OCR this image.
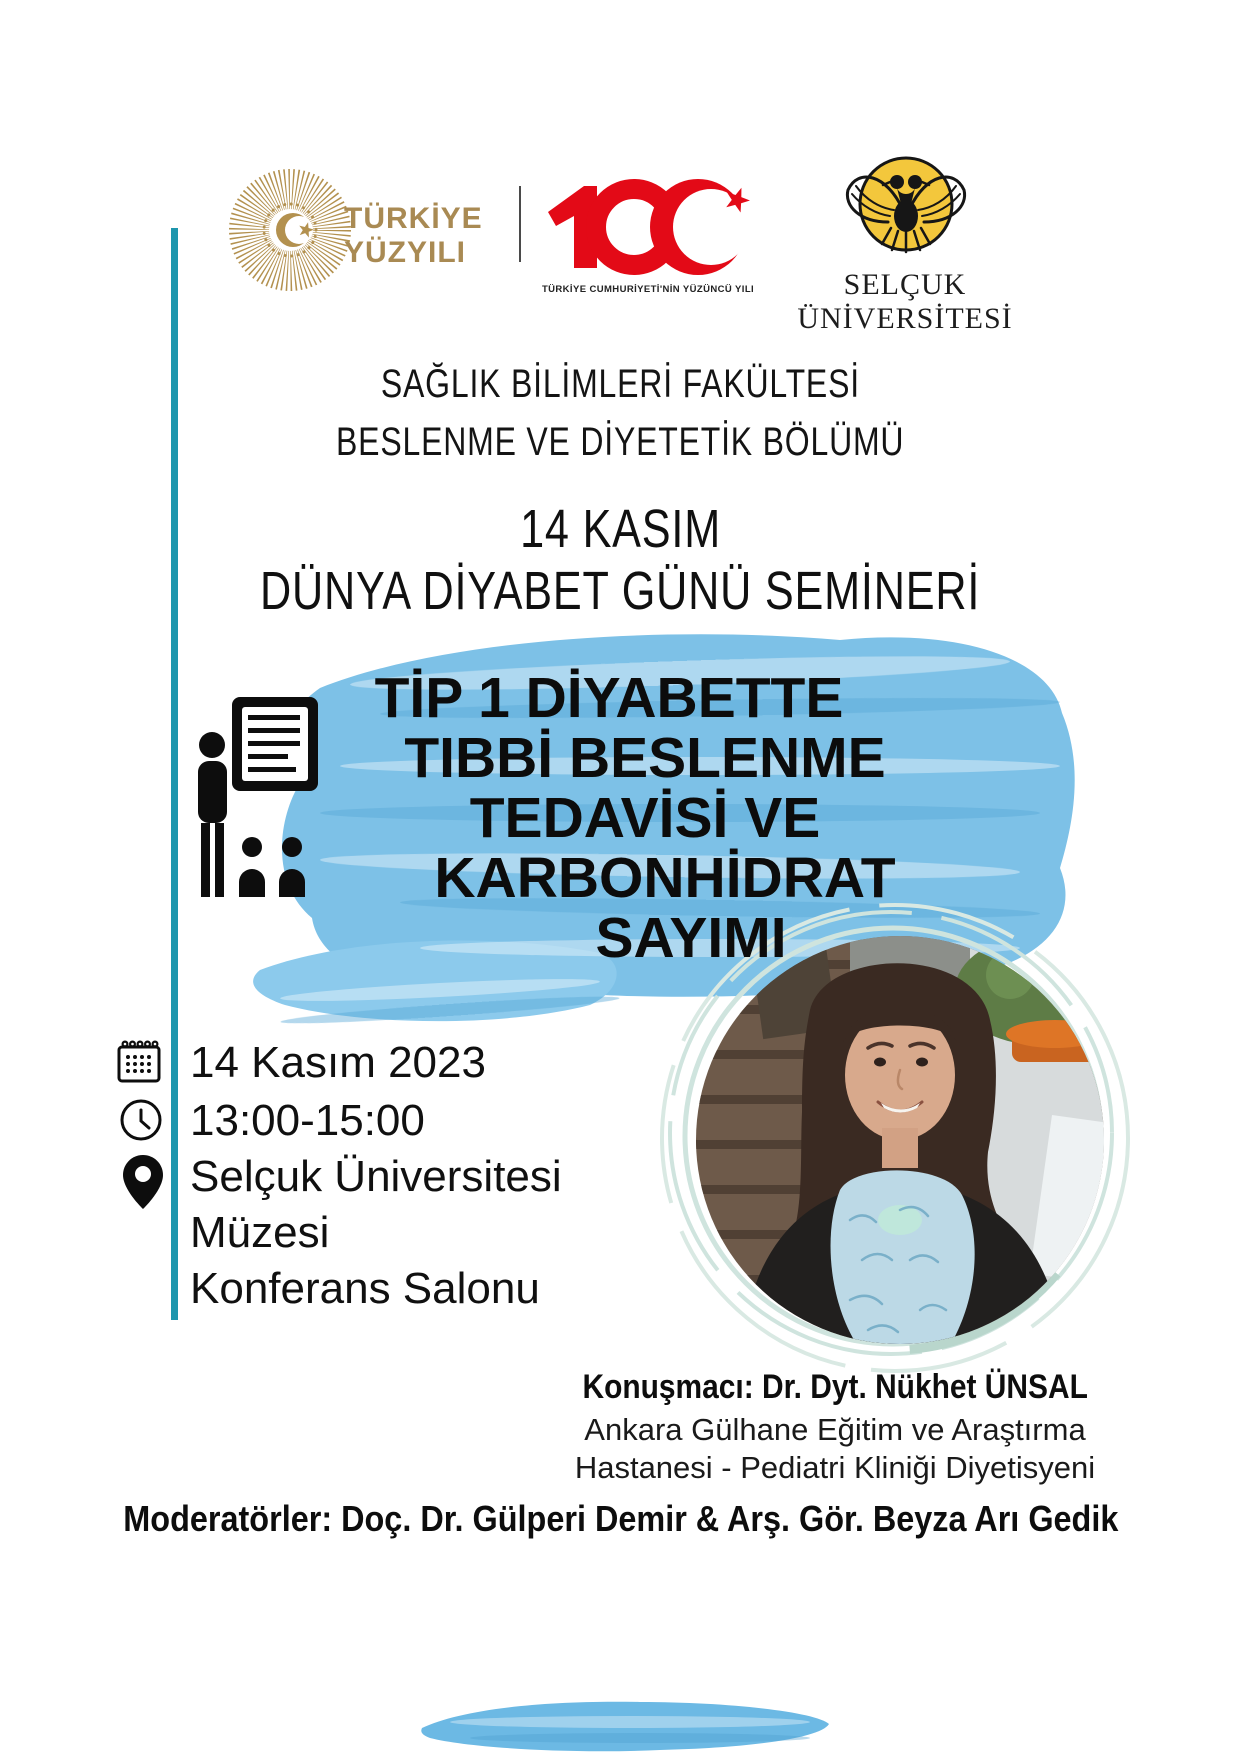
TÜRKİYE
YÜZYILI
TÜRKİYE CUMHURİYETİ'NİN YÜZÜNCÜ YILI	SELÇUK
ÜNİVERSİTESİ
SAĞLIK BİLİMLERİ FAKÜLTESİ
BESLENME VE DİYETETİK BÖLÜMÜ
14 KASIM
DÜNYA DİYABET GÜNÜ SEMİNERİ
TİP 1 DİYABETTE
TIBBİ BESLENME
TEDAVİSİ VE
KARBONHİDRAT
SAYIMI
14 Kasım 2023
13:00-15:00
Selçuk Üniversitesi
Müzesi
Konferans Salonu
Konuşmacı: Dr. Dyt. Nükhet ÜNSAL
Ankara Gülhane Eğitim ve Araştırma
Hastanesi - Pediatri Kliniği Diyetisyeni
Moderatörler: Doç. Dr. Gülperi Demir & Arş. Gör. Beyza Arı Gedik
